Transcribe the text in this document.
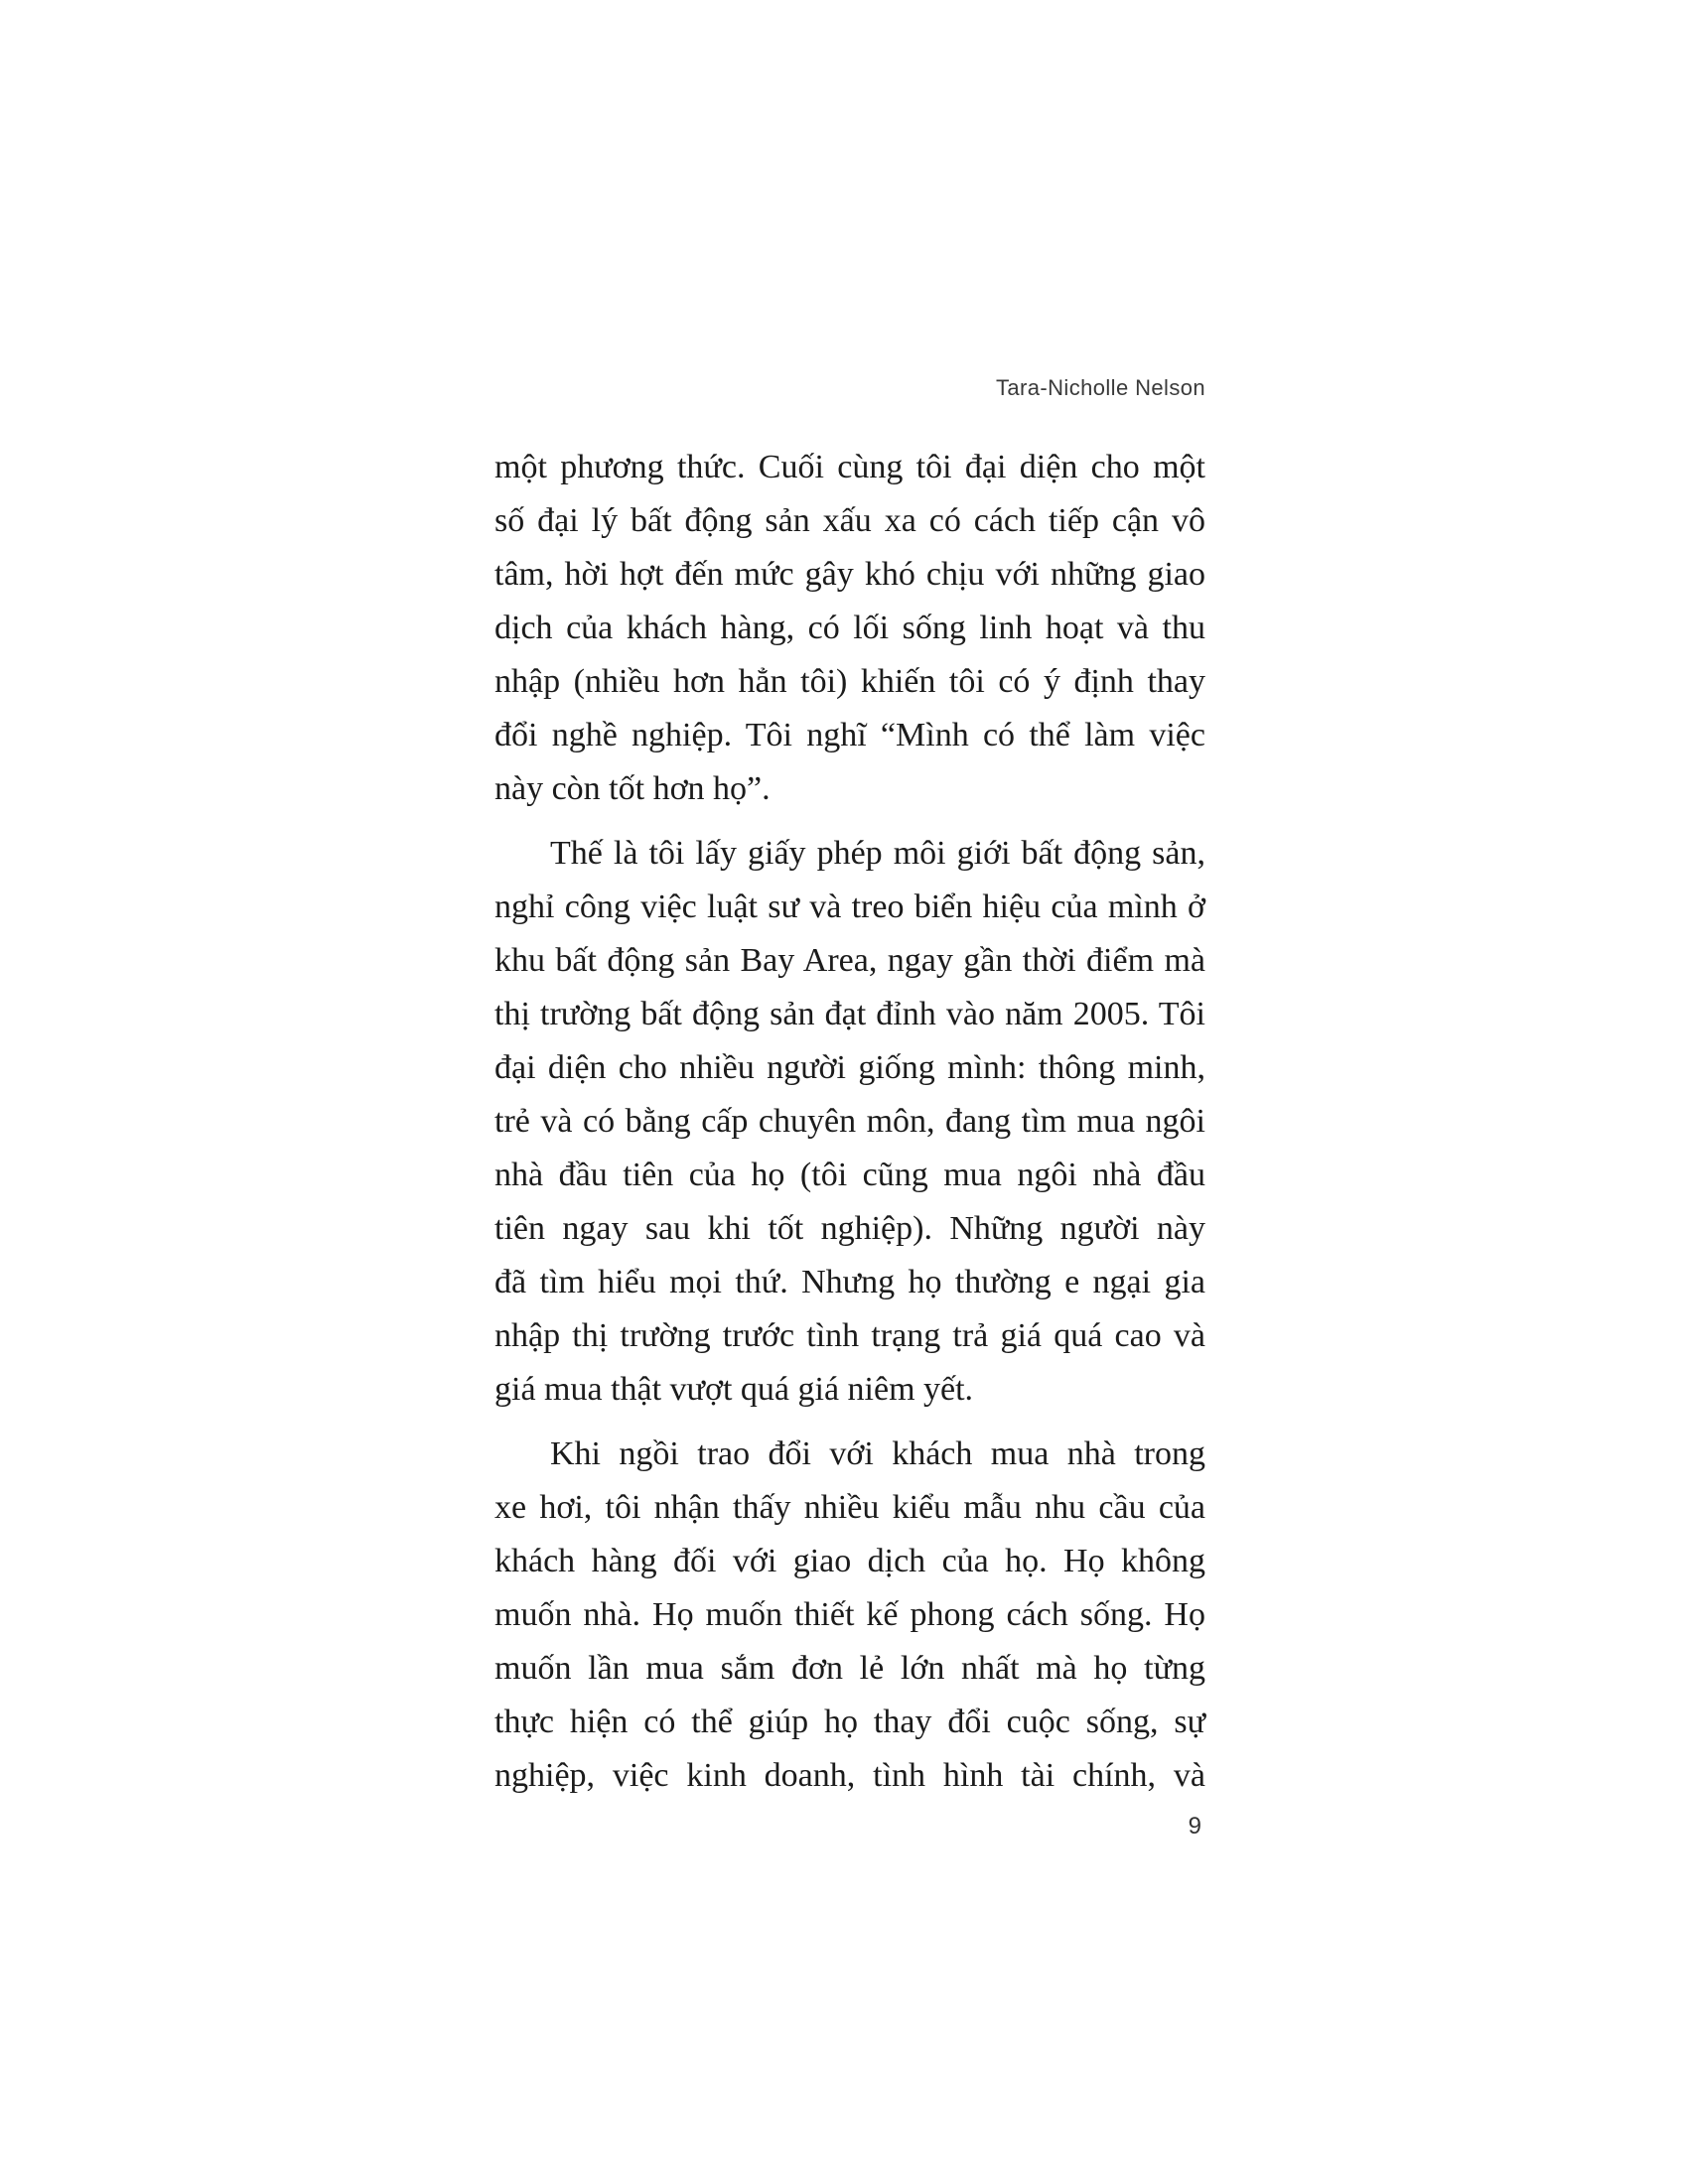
Tara-Nicholle Nelson
một phương thức. Cuối cùng tôi đại diện cho một
số đại lý bất động sản xấu xa có cách tiếp cận vô
tâm, hời hợt đến mức gây khó chịu với những giao
dịch của khách hàng, có lối sống linh hoạt và thu
nhập (nhiều hơn hẳn tôi) khiến tôi có ý định thay
đổi nghề nghiệp. Tôi nghĩ “Mình có thể làm việc
này còn tốt hơn họ”.
Thế là tôi lấy giấy phép môi giới bất động sản,
nghỉ công việc luật sư và treo biển hiệu của mình ở
khu bất động sản Bay Area, ngay gần thời điểm mà
thị trường bất động sản đạt đỉnh vào năm 2005. Tôi
đại diện cho nhiều người giống mình: thông minh,
trẻ và có bằng cấp chuyên môn, đang tìm mua ngôi
nhà đầu tiên của họ (tôi cũng mua ngôi nhà đầu
tiên ngay sau khi tốt nghiệp). Những người này
đã tìm hiểu mọi thứ. Nhưng họ thường e ngại gia
nhập thị trường trước tình trạng trả giá quá cao và
giá mua thật vượt quá giá niêm yết.
Khi ngồi trao đổi với khách mua nhà trong
xe hơi, tôi nhận thấy nhiều kiểu mẫu nhu cầu của
khách hàng đối với giao dịch của họ. Họ không
muốn nhà. Họ muốn thiết kế phong cách sống. Họ
muốn lần mua sắm đơn lẻ lớn nhất mà họ từng
thực hiện có thể giúp họ thay đổi cuộc sống, sự
nghiệp, việc kinh doanh, tình hình tài chính, và
9
